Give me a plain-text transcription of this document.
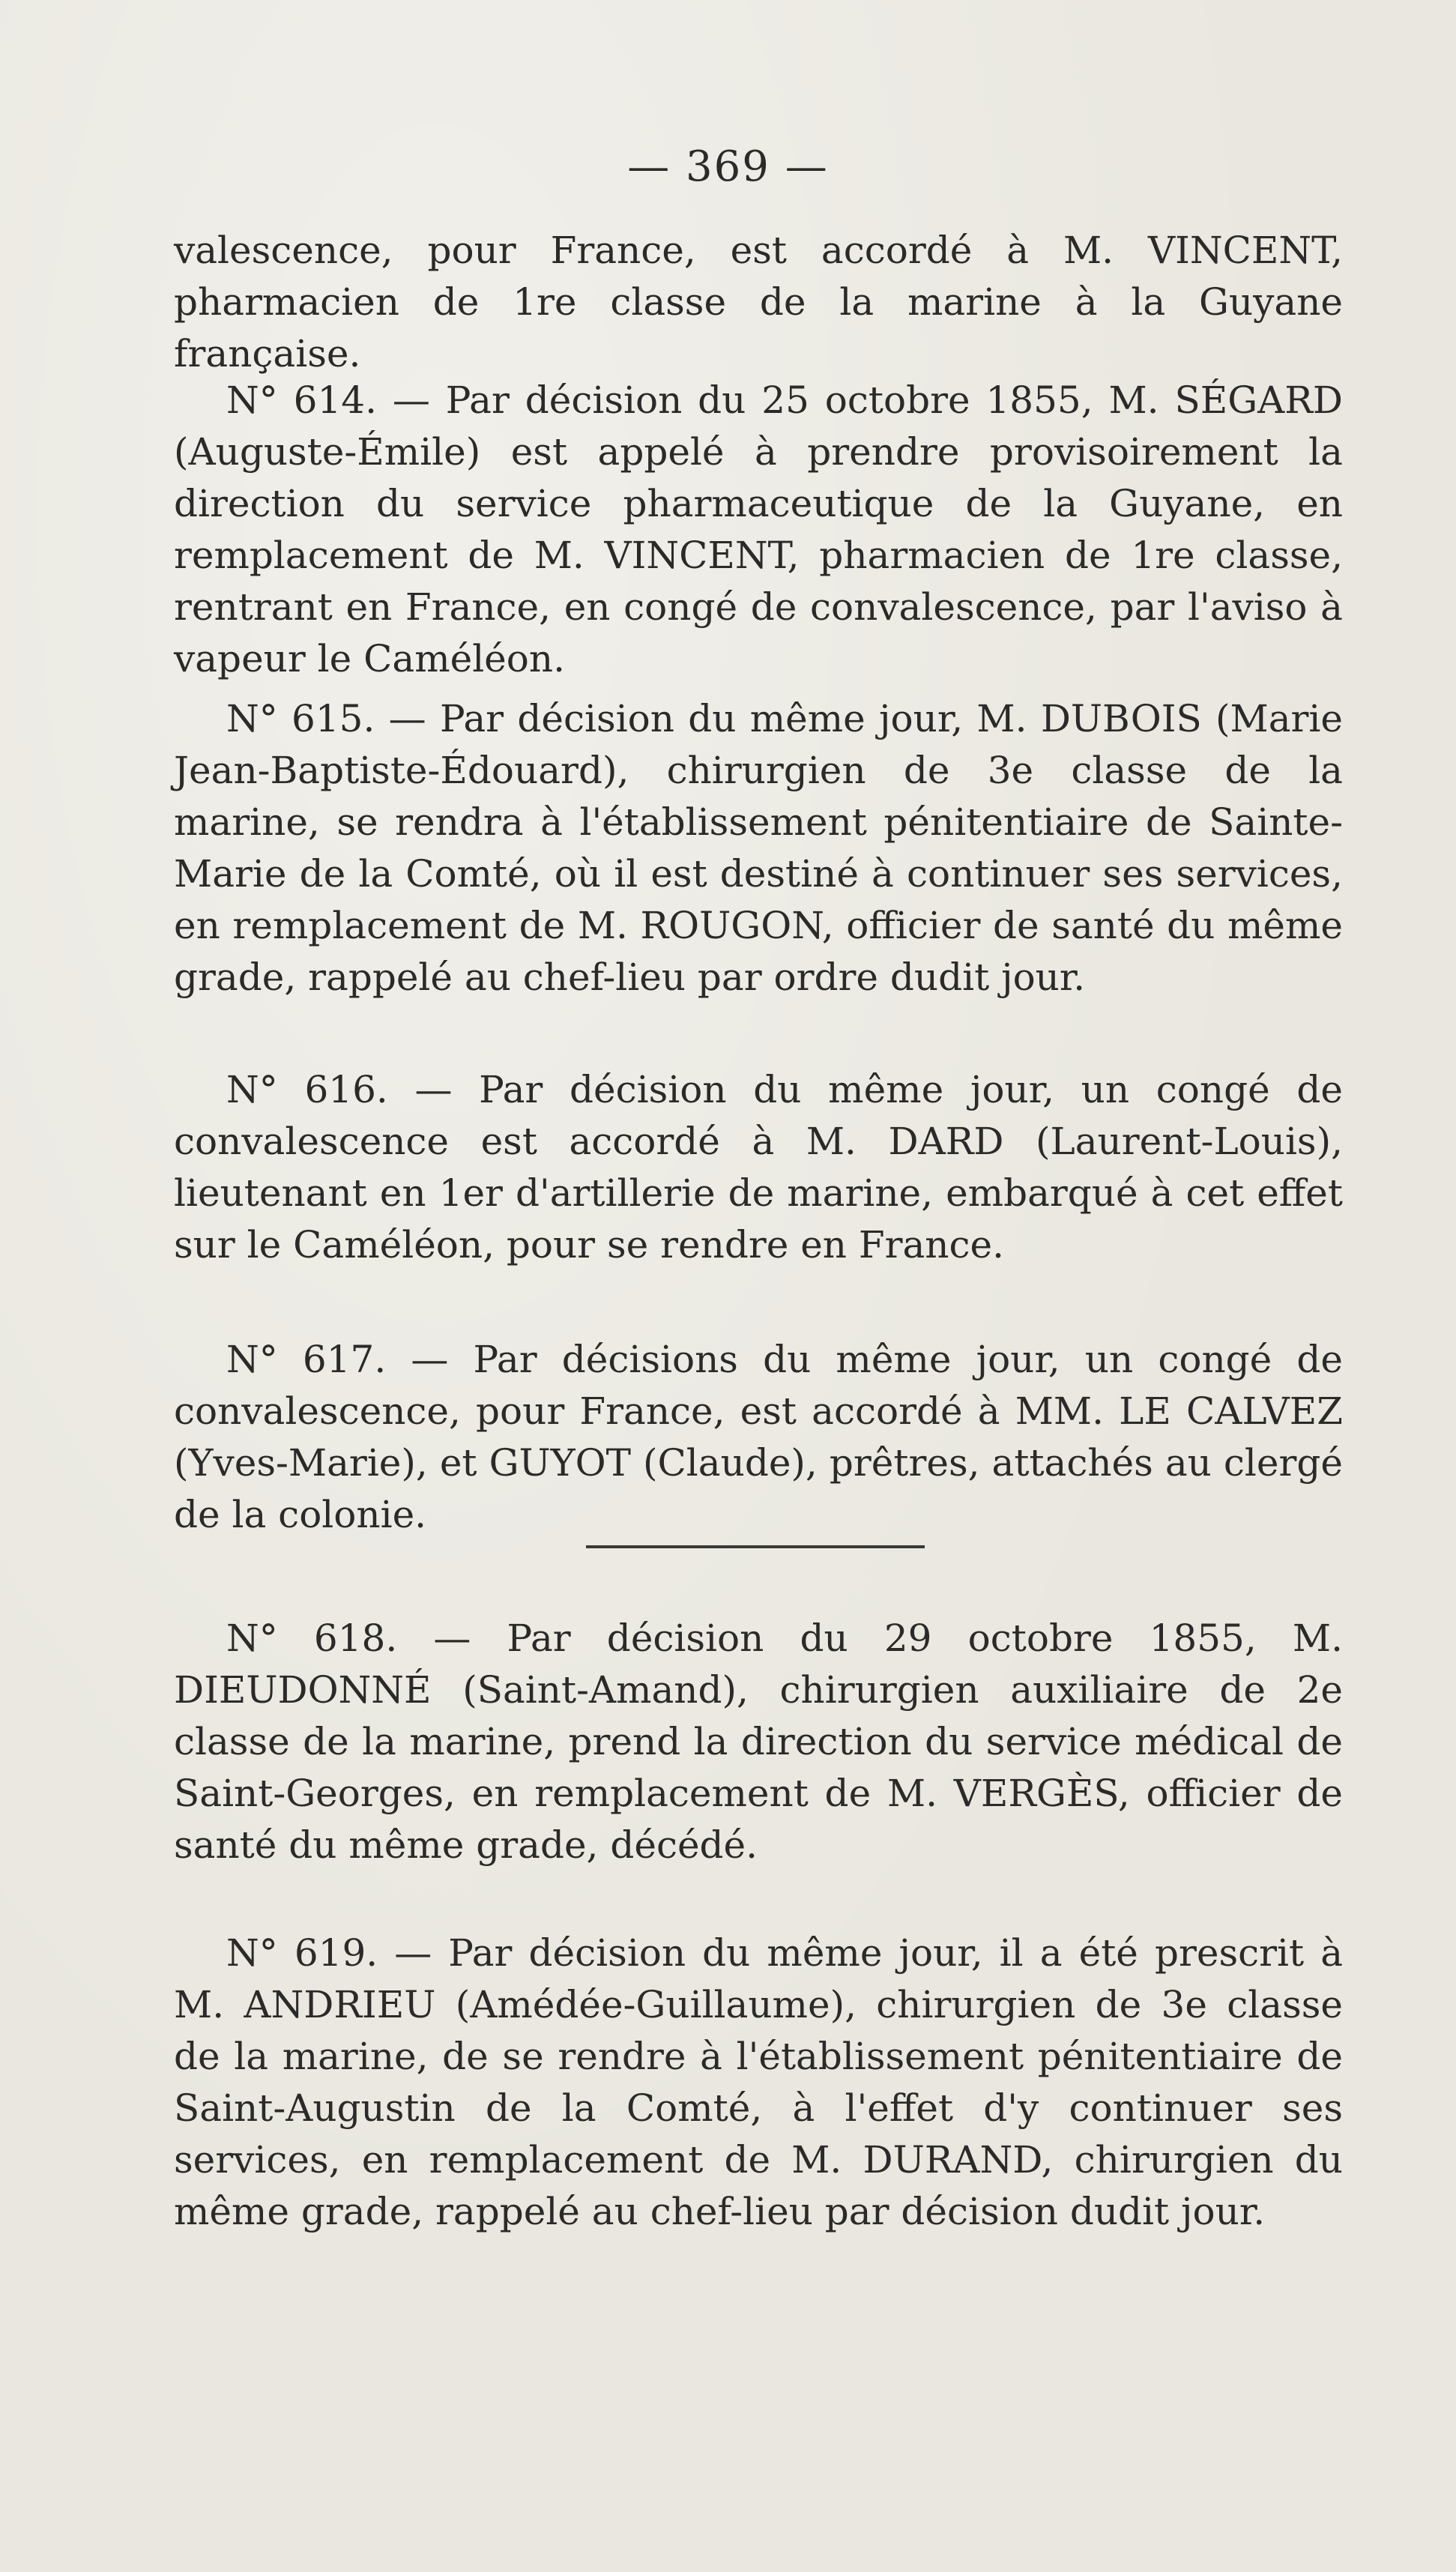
— 369 —

valescence, pour France, est accordé à M. VINCENT, pharmacien de 1re classe de la marine à la Guyane française.

N° 614. — Par décision du 25 octobre 1855, M. SÉGARD (Auguste-Émile) est appelé à prendre provisoirement la direction du service pharmaceutique de la Guyane, en remplacement de M. VINCENT, pharmacien de 1re classe, rentrant en France, en congé de convalescence, par l'aviso à vapeur le Caméléon.

N° 615. — Par décision du même jour, M. DUBOIS (Marie Jean-Baptiste-Édouard), chirurgien de 3e classe de la marine, se rendra à l'établissement pénitentiaire de Sainte-Marie de la Comté, où il est destiné à continuer ses services, en remplacement de M. ROUGON, officier de santé du même grade, rappelé au chef-lieu par ordre dudit jour.

N° 616. — Par décision du même jour, un congé de convalescence est accordé à M. DARD (Laurent-Louis), lieutenant en 1er d'artillerie de marine, embarqué à cet effet sur le Caméléon, pour se rendre en France.

N° 617. — Par décisions du même jour, un congé de convalescence, pour France, est accordé à MM. LE CALVEZ (Yves-Marie), et GUYOT (Claude), prêtres, attachés au clergé de la colonie.

N° 618. — Par décision du 29 octobre 1855, M. DIEUDONNÉ (Saint-Amand), chirurgien auxiliaire de 2e classe de la marine, prend la direction du service médical de Saint-Georges, en remplacement de M. VERGÈS, officier de santé du même grade, décédé.

N° 619. — Par décision du même jour, il a été prescrit à M. ANDRIEU (Amédée-Guillaume), chirurgien de 3e classe de la marine, de se rendre à l'établissement pénitentiaire de Saint-Augustin de la Comté, à l'effet d'y continuer ses services, en remplacement de M. DURAND, chirurgien du même grade, rappelé au chef-lieu par décision dudit jour.
